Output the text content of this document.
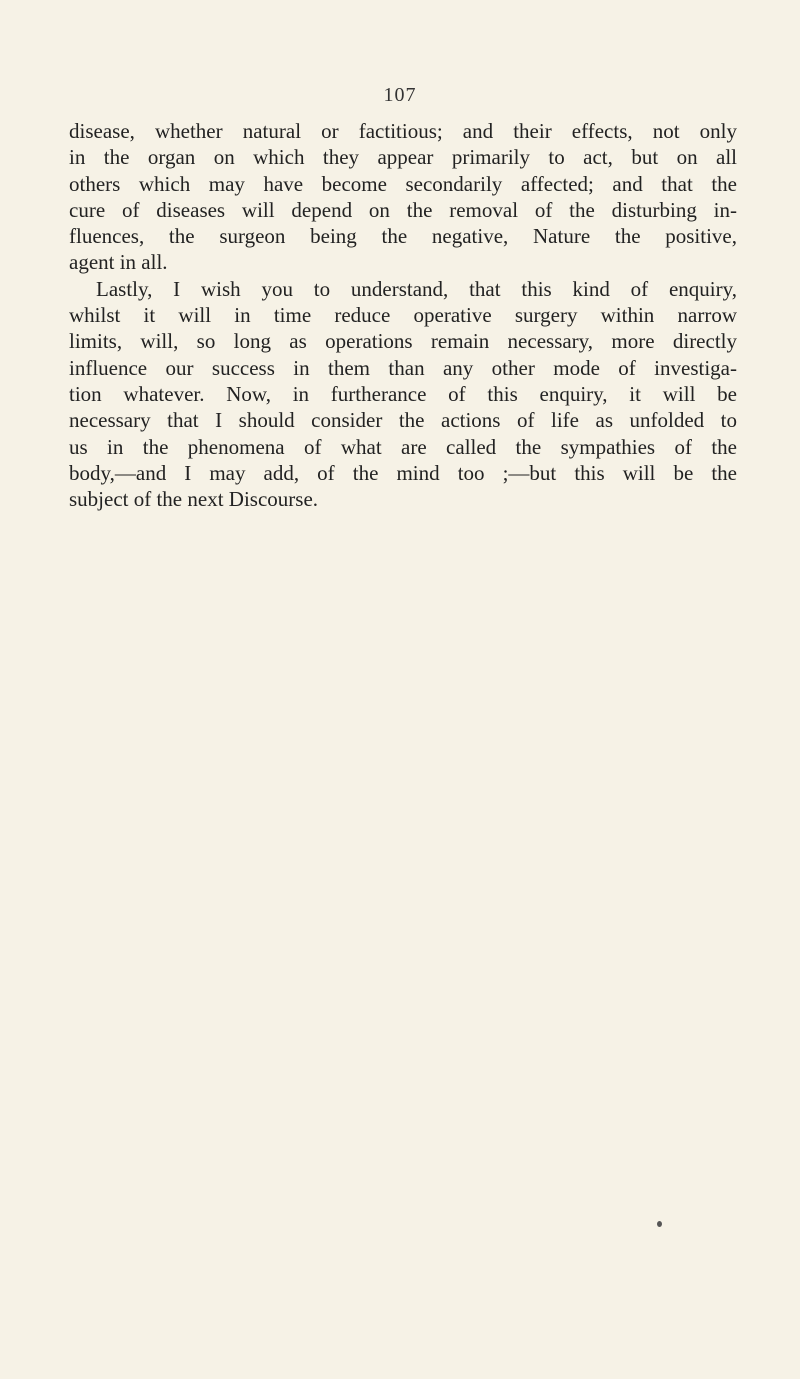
107
disease, whether natural or factitious; and their effects, not only
in the organ on which they appear primarily to act, but on all
others which may have become secondarily affected; and that the
cure of diseases will depend on the removal of the disturbing in-
fluences, the surgeon being the negative, Nature the positive,
agent in all.
Lastly, I wish you to understand, that this kind of enquiry,
whilst it will in time reduce operative surgery within narrow
limits, will, so long as operations remain necessary, more directly
influence our success in them than any other mode of investiga-
tion whatever. Now, in furtherance of this enquiry, it will be
necessary that I should consider the actions of life as unfolded to
us in the phenomena of what are called the sympathies of the
body,—and I may add, of the mind too ;—but this will be the
subject of the next Discourse.
